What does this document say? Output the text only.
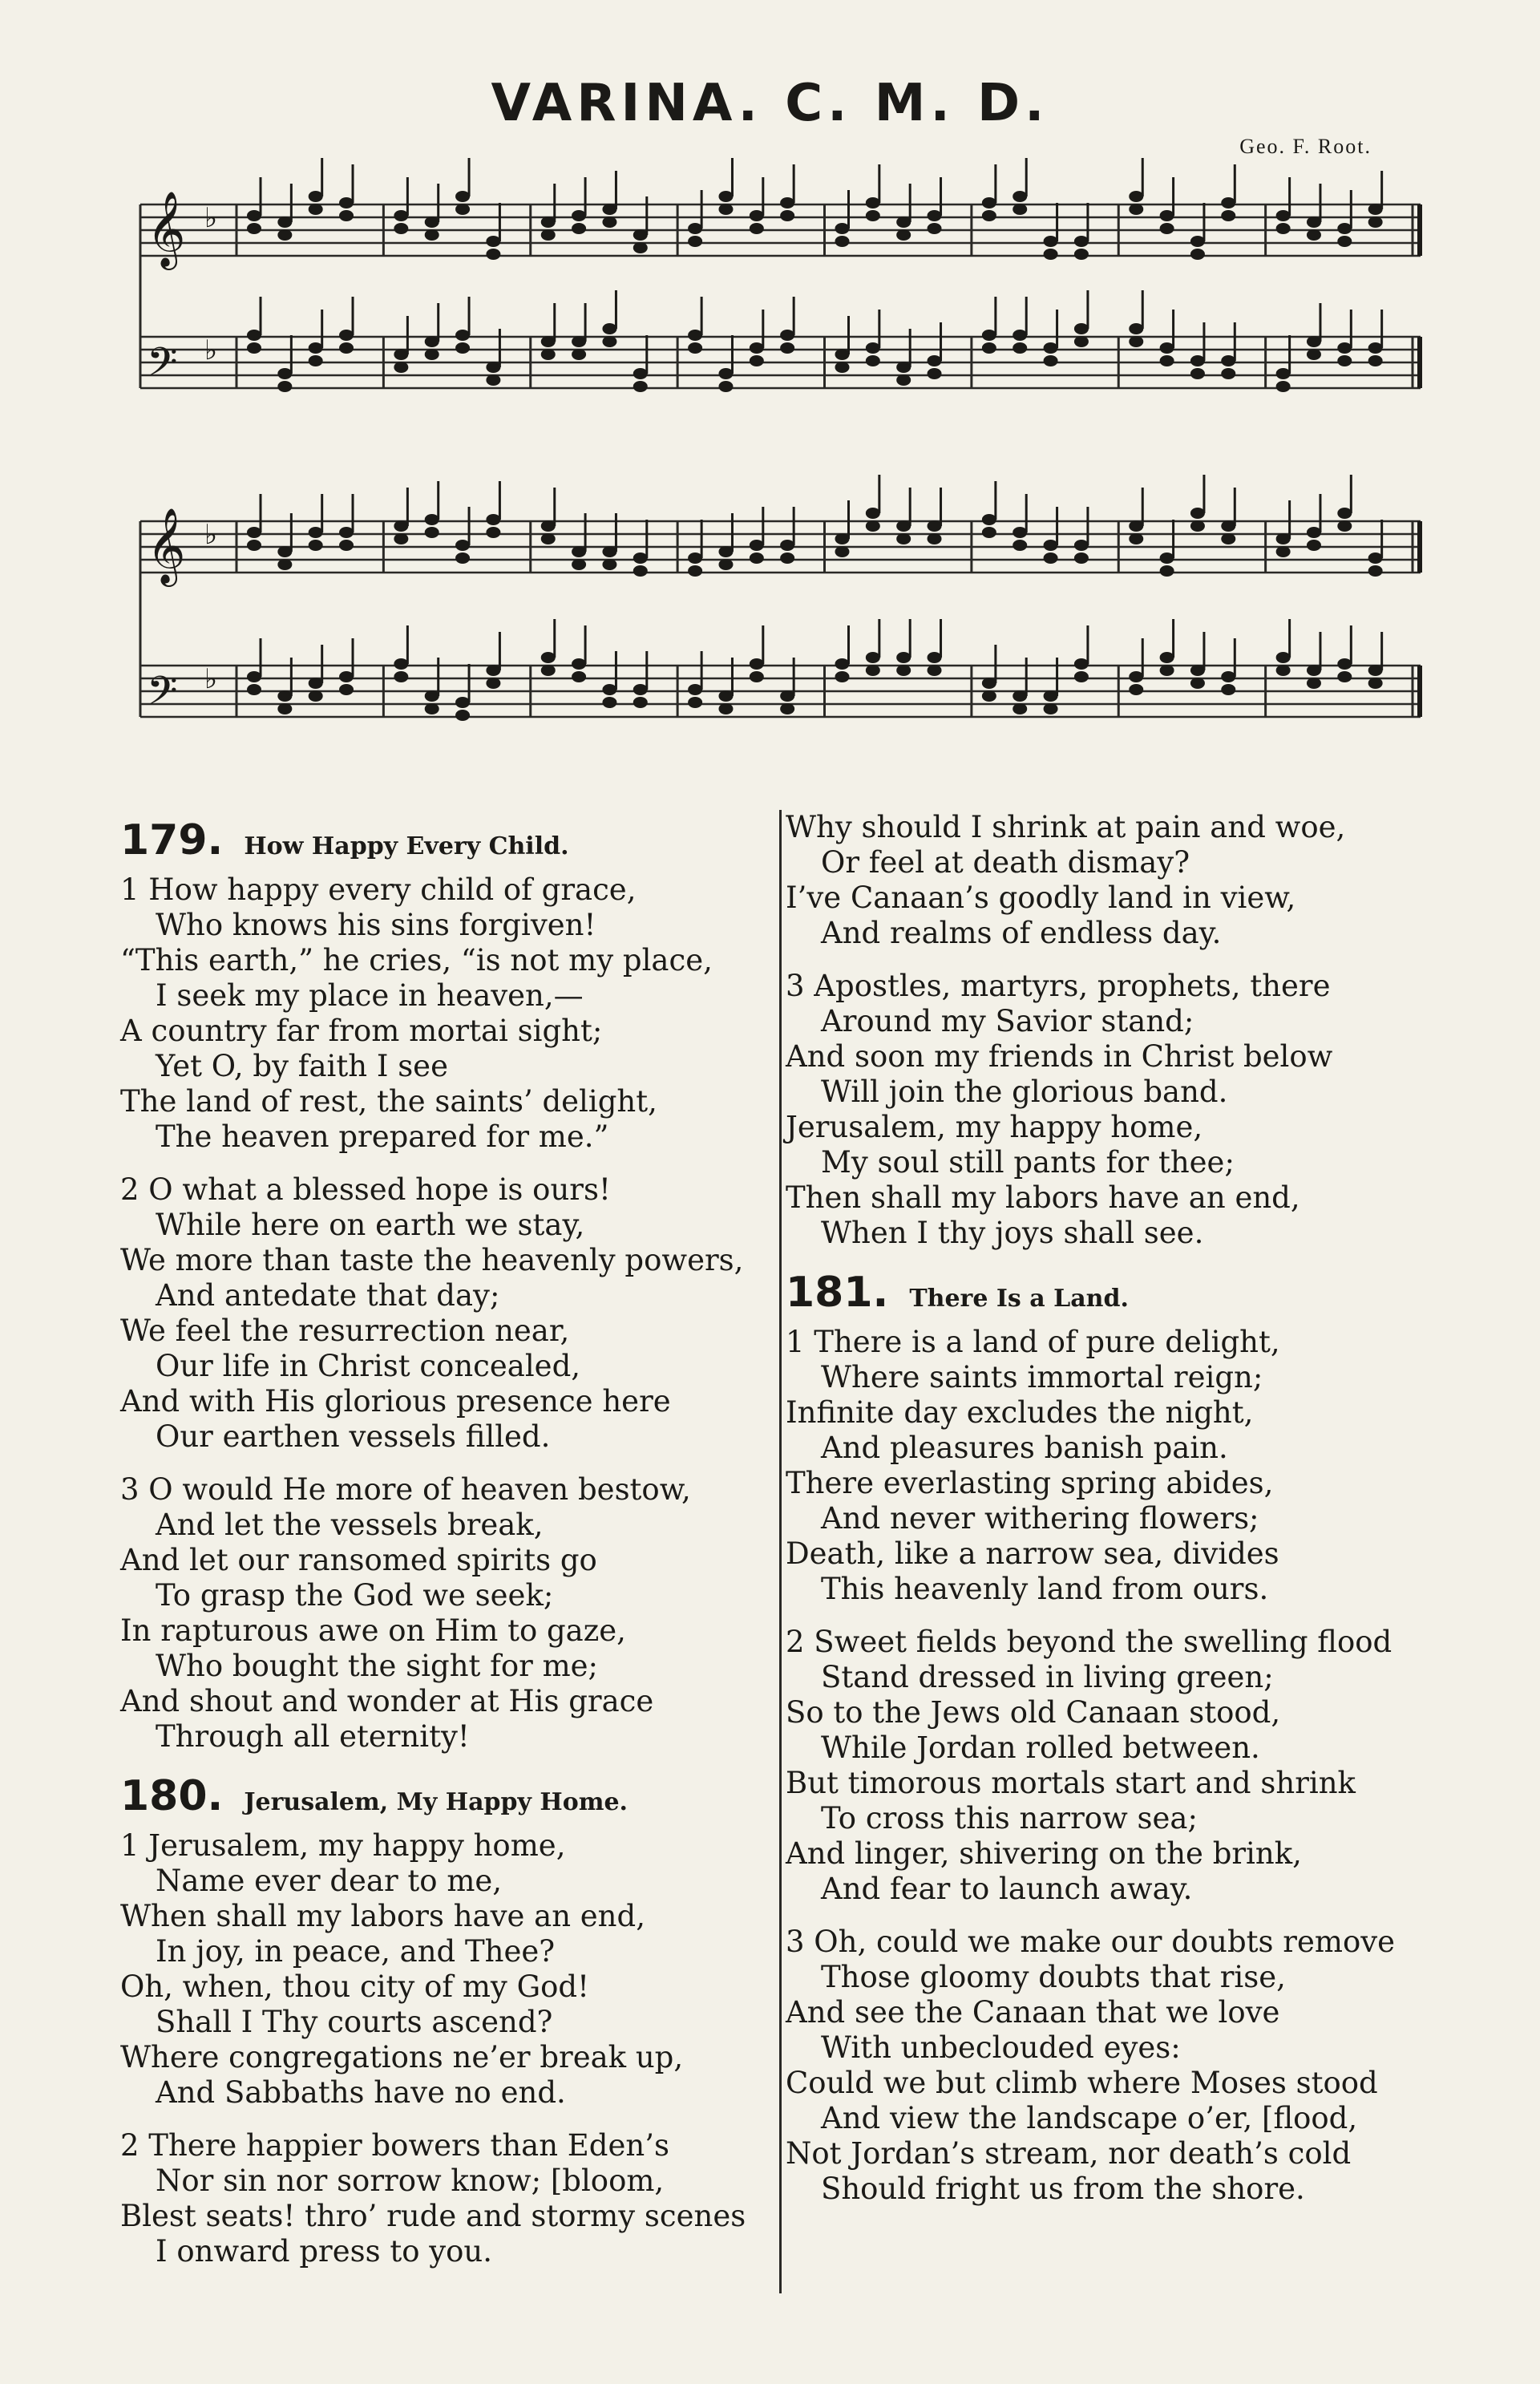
VARINA. C. M. D.
Geo. F. Root.
𝄞 ♭
𝄢 ♭
𝄞 ♭
𝄢 ♭
179. How Happy Every Child.
1 How happy every child of grace,
Who knows his sins forgiven!
“This earth,” he cries, “is not my place,
I seek my place in heaven,—
A country far from mortai sight;
Yet O, by faith I see
The land of rest, the saints’ delight,
The heaven prepared for me.”
2 O what a blessed hope is ours!
While here on earth we stay,
We more than taste the heavenly powers,
And antedate that day;
We feel the resurrection near,
Our life in Christ concealed,
And with His glorious presence here
Our earthen vessels filled.
3 O would He more of heaven bestow,
And let the vessels break,
And let our ransomed spirits go
To grasp the God we seek;
In rapturous awe on Him to gaze,
Who bought the sight for me;
And shout and wonder at His grace
Through all eternity!
180. Jerusalem, My Happy Home.
1 Jerusalem, my happy home,
Name ever dear to me,
When shall my labors have an end,
In joy, in peace, and Thee?
Oh, when, thou city of my God!
Shall I Thy courts ascend?
Where congregations ne’er break up,
And Sabbaths have no end.
2 There happier bowers than Eden’s
Nor sin nor sorrow know; [bloom,
Blest seats! thro’ rude and stormy scenes
I onward press to you.
Why should I shrink at pain and woe,
Or feel at death dismay?
I’ve Canaan’s goodly land in view,
And realms of endless day.
3 Apostles, martyrs, prophets, there
Around my Savior stand;
And soon my friends in Christ below
Will join the glorious band.
Jerusalem, my happy home,
My soul still pants for thee;
Then shall my labors have an end,
When I thy joys shall see.
181. There Is a Land.
1 There is a land of pure delight,
Where saints immortal reign;
Infinite day excludes the night,
And pleasures banish pain.
There everlasting spring abides,
And never withering flowers;
Death, like a narrow sea, divides
This heavenly land from ours.
2 Sweet fields beyond the swelling flood
Stand dressed in living green;
So to the Jews old Canaan stood,
While Jordan rolled between.
But timorous mortals start and shrink
To cross this narrow sea;
And linger, shivering on the brink,
And fear to launch away.
3 Oh, could we make our doubts remove
Those gloomy doubts that rise,
And see the Canaan that we love
With unbeclouded eyes:
Could we but climb where Moses stood
And view the landscape o’er, [flood,
Not Jordan’s stream, nor death’s cold
Should fright us from the shore.
